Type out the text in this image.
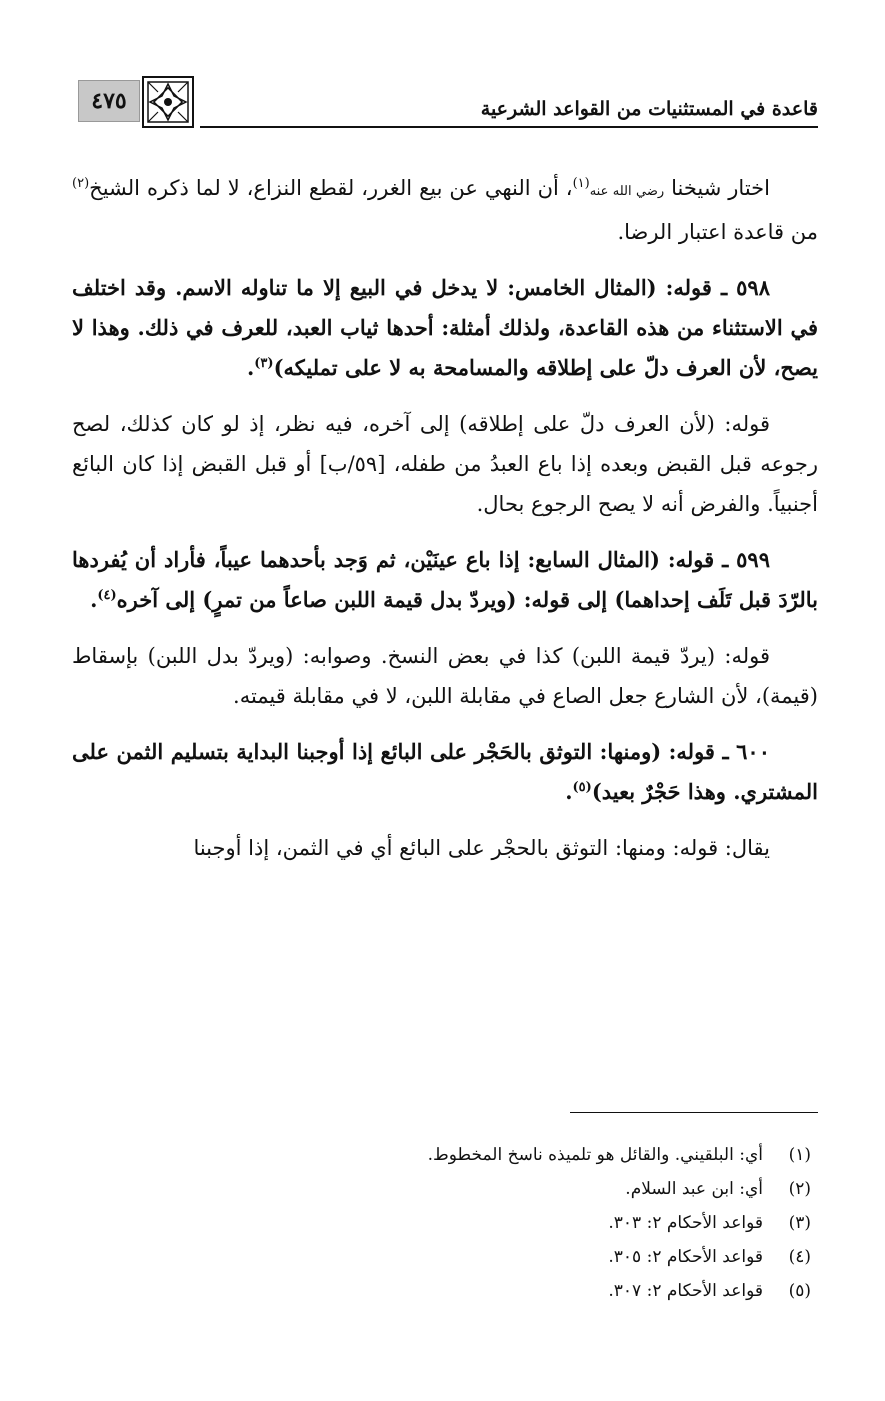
قاعدة في المستثنيات من القواعد الشرعية
٤٧٥

اختار شيخنا رضي الله عنه$^{(١)}$، أن النهي عن بيع الغرر، لقطع النزاع، لا لما ذكره الشيخ$^{(٢)}$ من قاعدة اعتبار الرضا.

٥٩٨ ـ قوله: (المثال الخامس: لا يدخل في البيع إلا ما تناوله الاسم. وقد اختلف في الاستثناء من هذه القاعدة، ولذلك أمثلة: أحدها ثياب العبد، للعرف في ذلك. وهذا لا يصح، لأن العرف دلّ على إطلاقه والمسامحة به لا على تمليكه)$^{(٣)}$.

قوله: (لأن العرف دلّ على إطلاقه) إلى آخره، فيه نظر، إذ لو كان كذلك، لصح رجوعه قبل القبض وبعده إذا باع العبدُ من طفله، [٥٩/ب] أو قبل القبض إذا كان البائع أجنبياً. والفرض أنه لا يصح الرجوع بحال.

٥٩٩ ـ قوله: (المثال السابع: إذا باع عينَيْن، ثم وَجد بأحدهما عيباً، فأراد أن يُفردها بالرّدَ قبل تَلَف إحداهما) إلى قوله: (ويردّ بدل قيمة اللبن صاعاً من تمرٍ) إلى آخره$^{(٤)}$.

قوله: (يردّ قيمة اللبن) كذا في بعض النسخ. وصوابه: (ويردّ بدل اللبن) بإسقاط (قيمة)، لأن الشارع جعل الصاع في مقابلة اللبن، لا في مقابلة قيمته.

٦٠٠ ـ قوله: (ومنها: التوثق بالحَجْر على البائع إذا أوجبنا البداية بتسليم الثمن على المشتري. وهذا حَجْرٌ بعيد)$^{(٥)}$.

يقال: قوله: ومنها: التوثق بالحجْر على البائع أي في الثمن، إذا أوجبنا

(١)
أي: البلقيني. والقائل هو تلميذه ناسخ المخطوط.
(٢)
أي: ابن عبد السلام.
(٣)
قواعد الأحكام ٢: ٣٠٣.
(٤)
قواعد الأحكام ٢: ٣٠٥.
(٥)
قواعد الأحكام ٢: ٣٠٧.
